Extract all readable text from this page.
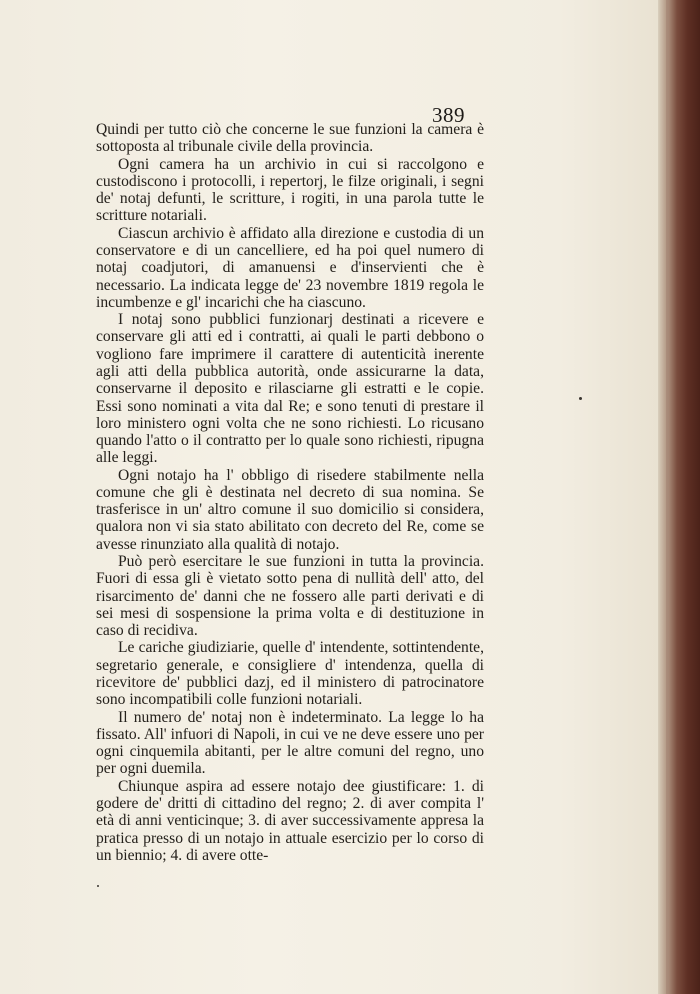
389

Quindi per tutto ciò che concerne le sue funzioni la camera è sottoposta al tribunale civile della provincia.

Ogni camera ha un archivio in cui si raccolgono e custodiscono i protocolli, i repertorj, le filze originali, i segni de' notaj defunti, le scritture, i rogiti, in una parola tutte le scritture notariali.

Ciascun archivio è affidato alla direzione e custodia di un conservatore e di un cancelliere, ed ha poi quel numero di notaj coadjutori, di amanuensi e d'inservienti che è necessario. La indicata legge de' 23 novembre 1819 regola le incumbenze e gl' incarichi che ha ciascuno.

I notaj sono pubblici funzionarj destinati a ricevere e conservare gli atti ed i contratti, ai quali le parti debbono o vogliono fare imprimere il carattere di autenticità inerente agli atti della pubblica autorità, onde assicurarne la data, conservarne il deposito e rilasciarne gli estratti e le copie. Essi sono nominati a vita dal Re; e sono tenuti di prestare il loro ministero ogni volta che ne sono richiesti. Lo ricusano quando l'atto o il contratto per lo quale sono richiesti, ripugna alle leggi.

Ogni notajo ha l' obbligo di risedere stabilmente nella comune che gli è destinata nel decreto di sua nomina. Se trasferisce in un' altro comune il suo domicilio si considera, qualora non vi sia stato abilitato con decreto del Re, come se avesse rinunziato alla qualità di notajo.

Può però esercitare le sue funzioni in tutta la provincia. Fuori di essa gli è vietato sotto pena di nullità dell' atto, del risarcimento de' danni che ne fossero alle parti derivati e di sei mesi di sospensione la prima volta e di destituzione in caso di recidiva.

Le cariche giudiziarie, quelle d' intendente, sottintendente, segretario generale, e consigliere d' intendenza, quella di ricevitore de' pubblici dazj, ed il ministero di patrocinatore sono incompatibili colle funzioni notariali.

Il numero de' notaj non è indeterminato. La legge lo ha fissato. All' infuori di Napoli, in cui ve ne deve essere uno per ogni cinquemila abitanti, per le altre comuni del regno, uno per ogni duemila.

Chiunque aspira ad essere notajo dee giustificare: 1. di godere de' dritti di cittadino del regno; 2. di aver compita l' età di anni venticinque; 3. di aver successivamente appresa la pratica presso di un notajo in attuale esercizio per lo corso di un biennio; 4. di avere otte-
